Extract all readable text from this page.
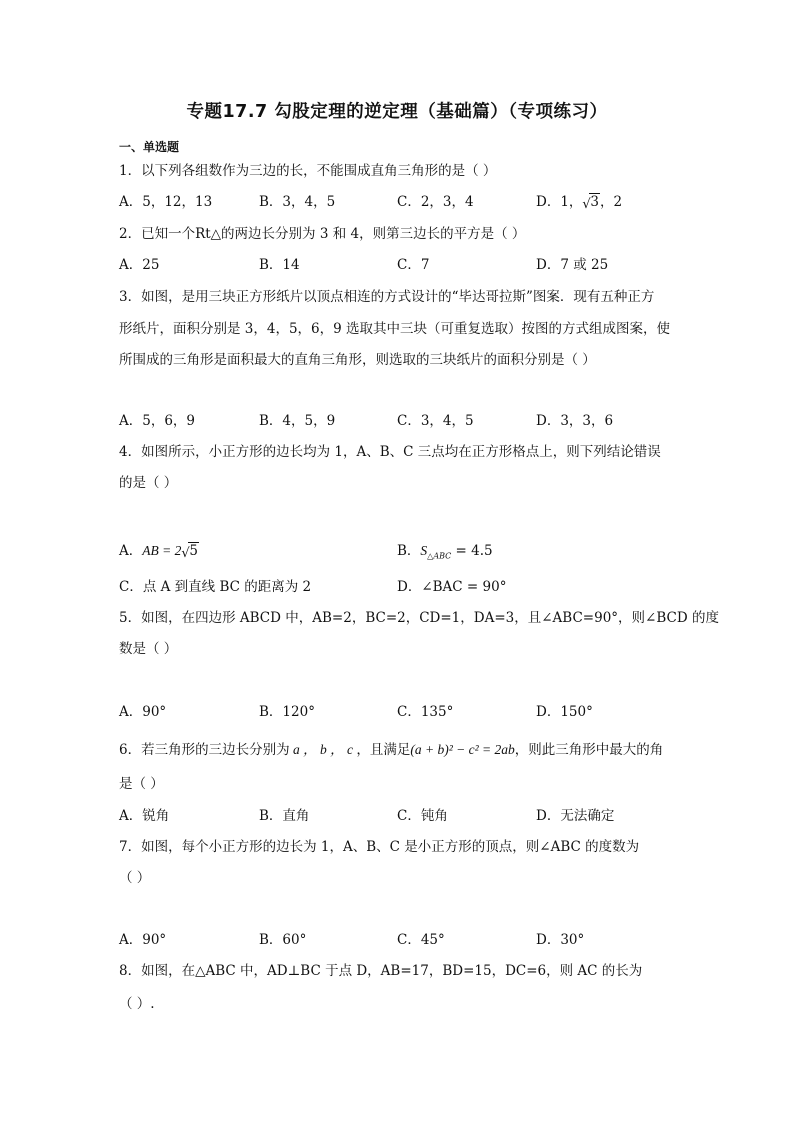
专题17.7 勾股定理的逆定理（基础篇）（专项练习）
一、单选题
1．以下列各组数作为三边的长，不能围成直角三角形的是（ ）
A．5，12，13	B．3，4，5	C．2，3，4	D．1， √ 3，2
2．已知一个Rt△的两边长分别为 3 和 4，则第三边长的平方是（ ）
A．25	B．14	C．7	D．7 或 25
3．如图，是用三块正方形纸片以顶点相连的方式设计的“毕达哥拉斯”图案．现有五种正方
形纸片，面积分别是 3，4，5，6，9 选取其中三块（可重复选取）按图的方式组成图案，使
所围成的三角形是面积最大的直角三角形，则选取的三块纸片的面积分别是（ ）
A．5，6，9	B．4，5，9	C．3，4，5	D．3，3，6
4．如图所示，小正方形的边长均为 1，A、B、C 三点均在正方形格点上，则下列结论错误
的是（ ）
A．AB = 2 √ 5	B．$S_{\triangle ABC} = 4.5$
C．点 A 到直线 BC 的距离为 2	D．∠BAC = 90°
5．如图，在四边形 ABCD 中，AB=2，BC=2，CD=1，DA=3，且∠ABC=90°，则∠BCD 的度
数是（ ）
A．90°	B．120°	C．135°	D．150°
6．若三角形的三边长分别为 a ， b ， c ，且满足(a + b)² − c² = 2ab，则此三角形中最大的角
是（ ）
A．锐角	B．直角	C．钝角	D．无法确定
7．如图，每个小正方形的边长为 1，A、B、C 是小正方形的顶点，则∠ABC 的度数为
（ ）
A．90°	B．60°	C．45°	D．30°
8．如图，在△ABC 中，AD⊥BC 于点 D，AB=17，BD=15，DC=6，则 AC 的长为
（ ）.
